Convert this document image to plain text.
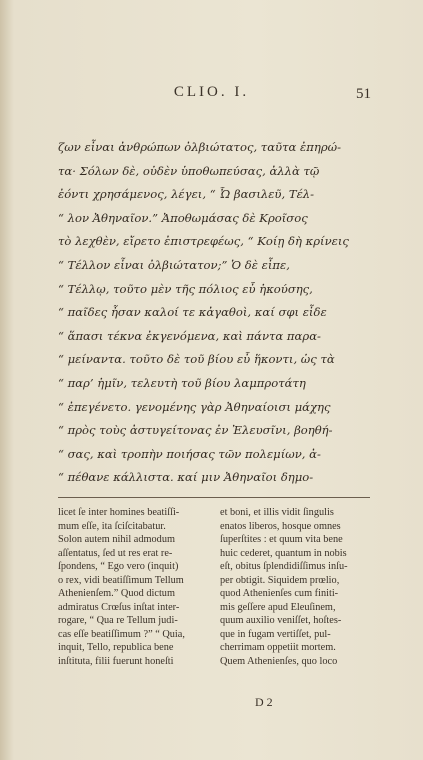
CLIO. I.	51
ζων εἶναι ἀνθρώπων ὀλβιώτατος, ταῦτα ἐπηρώ-
τα· Σόλων δὲ, οὐδὲν ὑποθωπεύσας, ἀλλὰ τῷ
ἐόντι χρησάμενος, λέγει, “ Ὦ βασιλεῦ, Τέλ-
“ λον Ἀθηναῖον.” Ἀποθωμάσας δὲ Κροῖσος
τὸ λεχθὲν, εἴρετο ἐπιστρεφέως, “ Κοίῃ δὴ κρίνεις
“ Τέλλον εἶναι ὀλβιώτατον;” Ὁ δὲ εἶπε,
“ Τέλλῳ, τοῦτο μὲν τῆς πόλιος εὖ ἡκούσης,
“ παῖδες ἦσαν καλοί τε κἀγαθοὶ, καί σφι εἶδε
“ ἅπασι τέκνα ἐκγενόμενα, καὶ πάντα παρα-
“ μείναντα. τοῦτο δὲ τοῦ βίου εὖ ἥκοντι, ὡς τὰ
“ παρ’ ἡμῖν, τελευτὴ τοῦ βίου λαμπροτάτη
“ ἐπεγένετο. γενομένης γὰρ Ἀθηναίοισι μάχης
“ πρὸς τοὺς ἀστυγείτονας ἐν Ἐλευσῖνι, βοηθή-
“ σας, καὶ τροπὴν ποιήσας τῶν πολεμίων, ἀ-
“ πέθανε κάλλιστα. καί μιν Ἀθηναῖοι δημο-
licet ſe inter homines beatiſſi-
mum eſſe, ita ſciſcitabatur.
Solon autem nihil admodum
aſſentatus, ſed ut res erat re-
ſpondens, “ Ego vero (inquit)
o rex, vidi beatiſſimum Tellum
Athenienſem.” Quod dictum
admiratus Crœſus inſtat inter-
rogare, “ Qua re Tellum judi-
cas eſſe beatiſſimum ?” “ Quia,
inquit, Tello, republica bene
inſtituta, filii fuerunt honeſti
et boni, et illis vidit ſingulis
enatos liberos, hosque omnes
ſuperſtites : et quum vita bene
huic cederet, quantum in nobis
eſt, obitus ſplendidiſſimus inſu-
per obtigit. Siquidem prœlio,
quod Athenienſes cum finiti-
mis geſſere apud Eleuſinem,
quum auxilio veniſſet, hoſtes-
que in fugam vertiſſet, pul-
cherrimam oppetiit mortem.
Quem Athenienſes, quo loco
D 2
